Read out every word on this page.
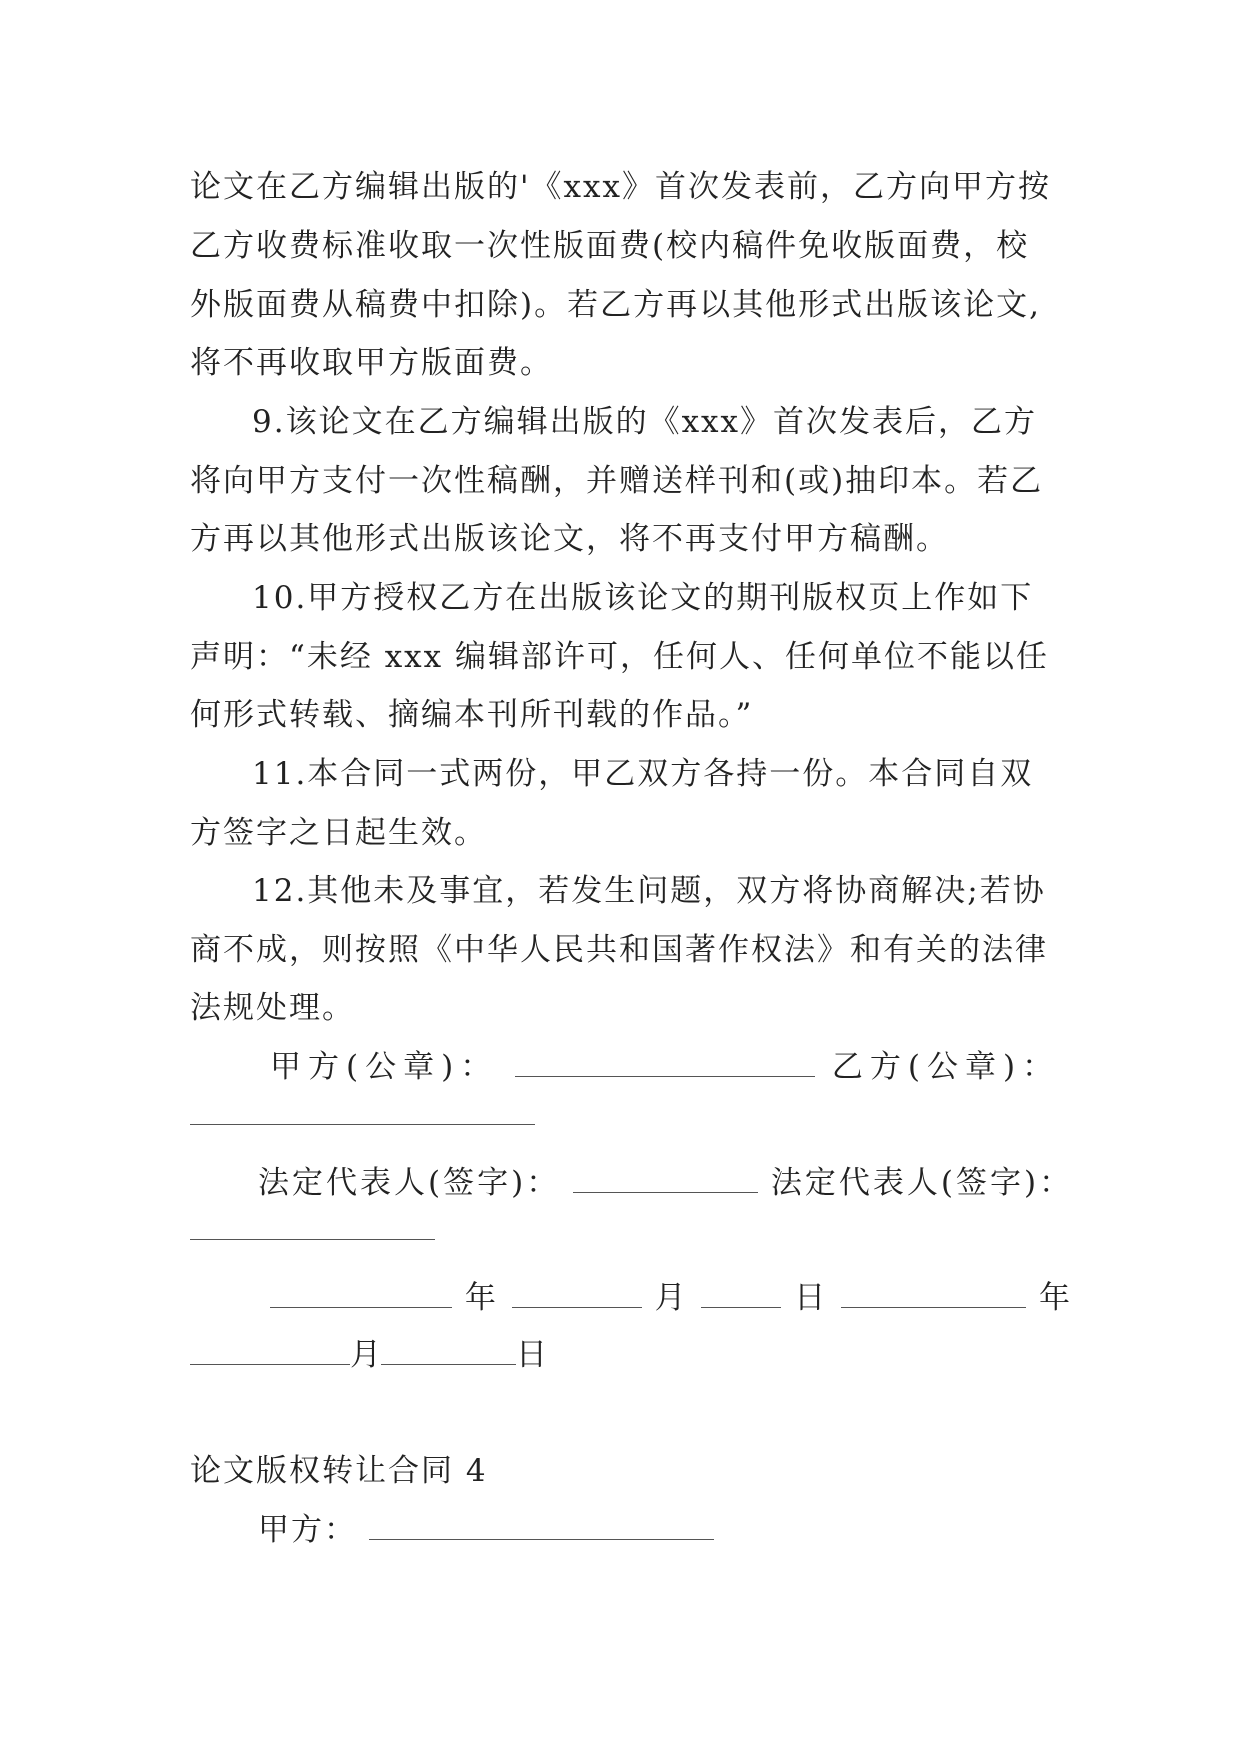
论文在乙方编辑出版的'《xxx》首次发表前，乙方向甲方按
乙方收费标准收取一次性版面费(校内稿件免收版面费，校
外版面费从稿费中扣除)。若乙方再以其他形式出版该论文,
将不再收取甲方版面费。
9.该论文在乙方编辑出版的《xxx》首次发表后，乙方
将向甲方支付一次性稿酬，并赠送样刊和(或)抽印本。若乙
方再以其他形式出版该论文，将不再支付甲方稿酬。
10.甲方授权乙方在出版该论文的期刊版权页上作如下
声明：“未经 xxx 编辑部许可，任何人、任何单位不能以任
何形式转载、摘编本刊所刊载的作品。”
11.本合同一式两份，甲乙双方各持一份。本合同自双
方签字之日起生效。
12.其他未及事宜，若发生问题，双方将协商解决;若协
商不成，则按照《中华人民共和国著作权法》和有关的法律
法规处理。
甲方(公章)：	乙方(公章)：
法定代表人(签字)：	法定代表人(签字)：
年	月	日	年
月	日
论文版权转让合同 4
甲方：
